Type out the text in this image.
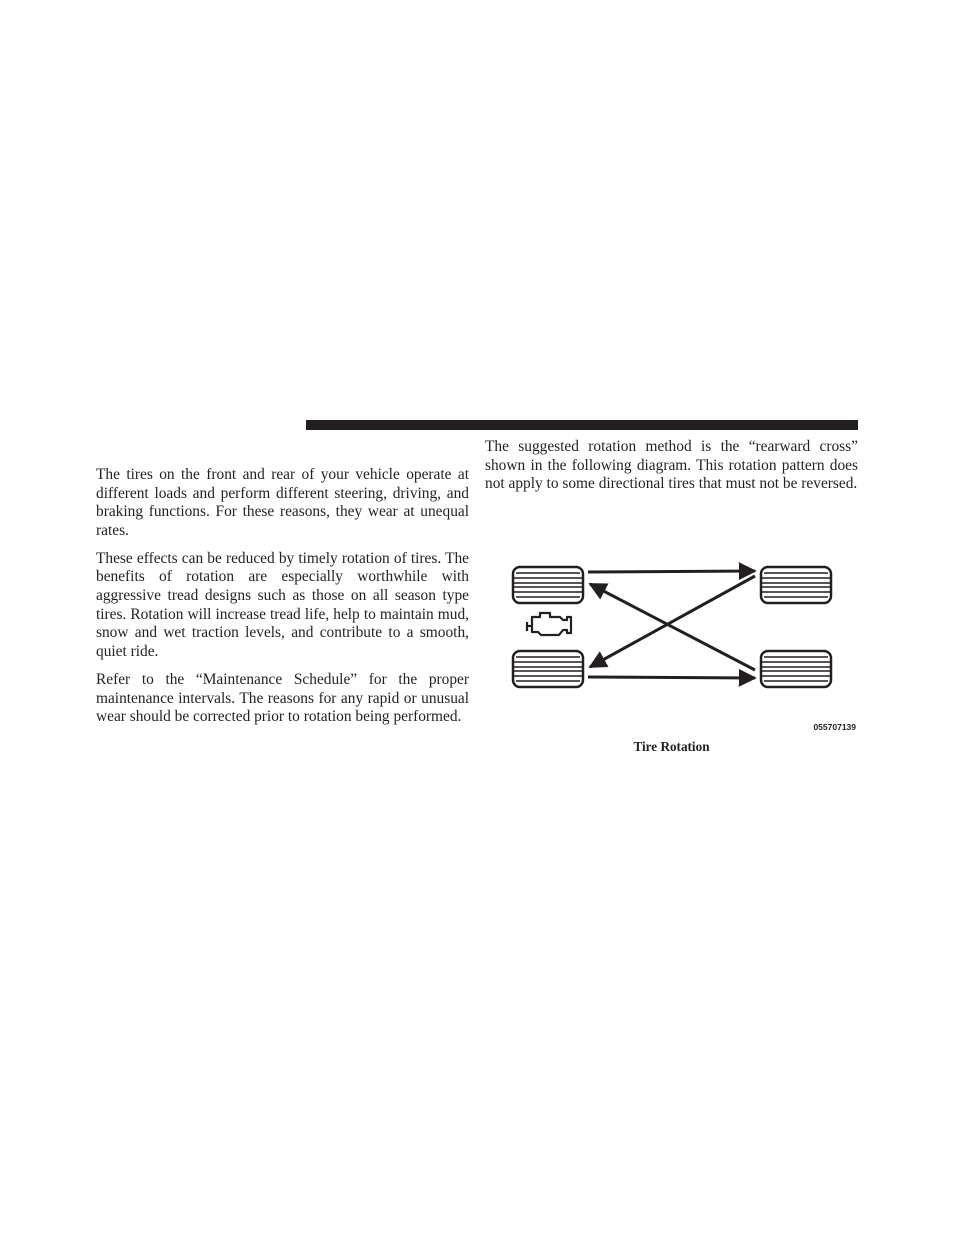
The tires on the front and rear of your vehicle operate at different loads and perform different steering, driving, and braking functions. For these reasons, they wear at unequal rates.

These effects can be reduced by timely rotation of tires. The benefits of rotation are especially worthwhile with aggressive tread designs such as those on all season type tires. Rotation will increase tread life, help to maintain mud, snow and wet traction levels, and contribute to a smooth, quiet ride.

Refer to the “Maintenance Schedule” for the proper maintenance intervals. The reasons for any rapid or unusual wear should be corrected prior to rotation being performed.

The suggested rotation method is the “rearward cross” shown in the following diagram. This rotation pattern does not apply to some directional tires that must not be reversed.

055707139
Tire Rotation
